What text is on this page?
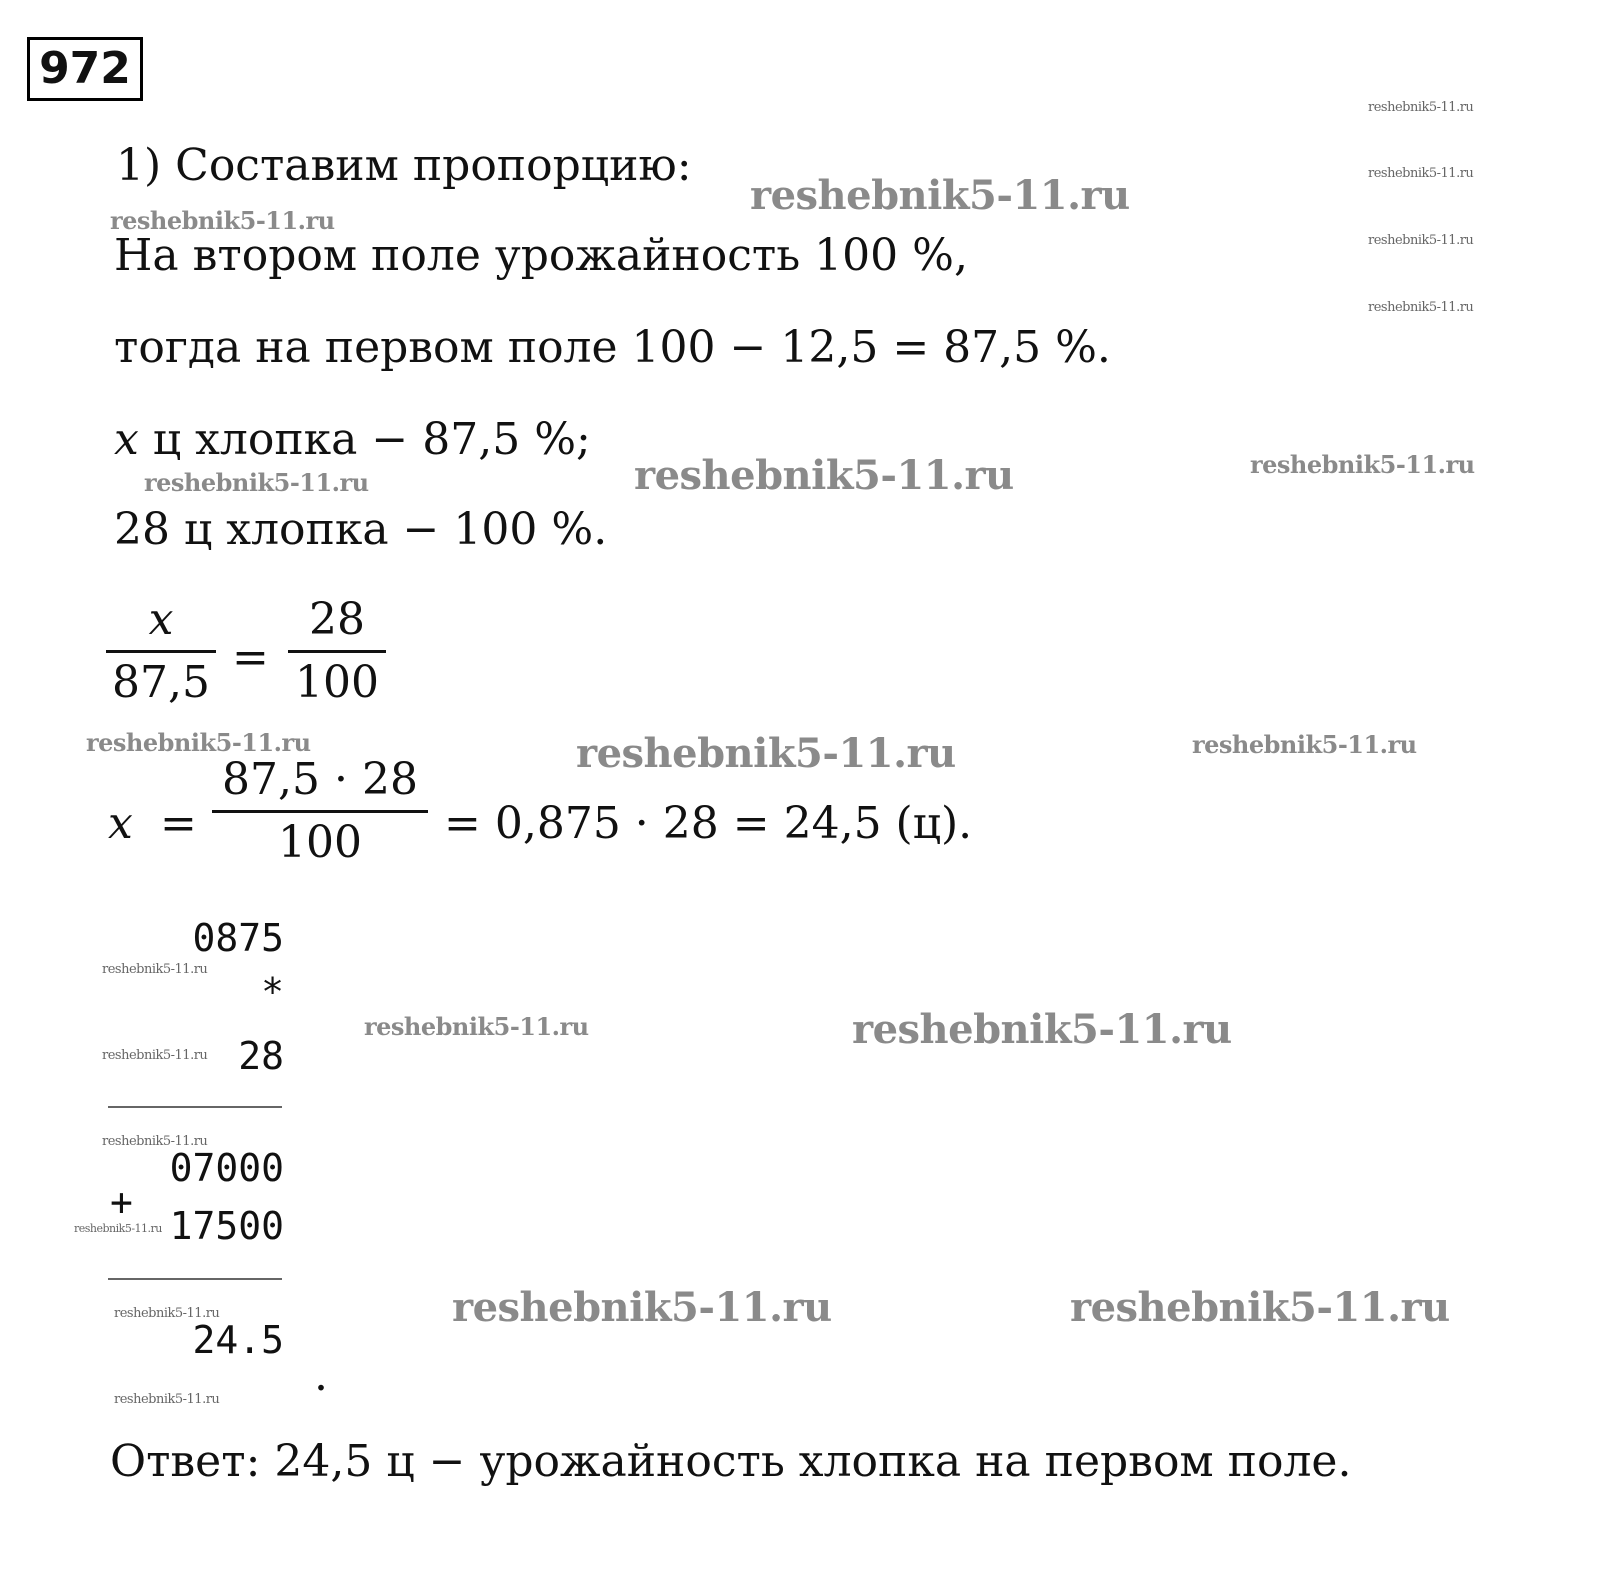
972
1) Составим пропорцию:
На втором поле урожайность 100 %,
тогда на первом поле 100 − 12,5 = 87,5 %.
x ц хлопка − 87,5 %;
28 ц хлопка − 100 %.
x
87,5 =
28
100
x =
87,5 · 28
100	= 0,875 · 28 = 24,5 (ц).
0875
*
28
07000
+
17500
24.5
.
Ответ: 24,5 ц − урожайность хлопка на первом поле.
reshebnik5-11.ru
reshebnik5-11.ru
reshebnik5-11.ru
reshebnik5-11.ru
reshebnik5-11.ru	reshebnik5-11.ru
reshebnik5-11.ru
reshebnik5-11.ru
reshebnik5-11.ru
reshebnik5-11.ru	reshebnik5-11.ru
reshebnik5-11.ru
reshebnik5-11.ru
reshebnik5-11.ru
reshebnik5-11.ru
reshebnik5-11.ru
reshebnik5-11.ru
reshebnik5-11.ru
reshebnik5-11.ru
reshebnik5-11.ru
reshebnik5-11.ru
reshebnik5-11.ru
